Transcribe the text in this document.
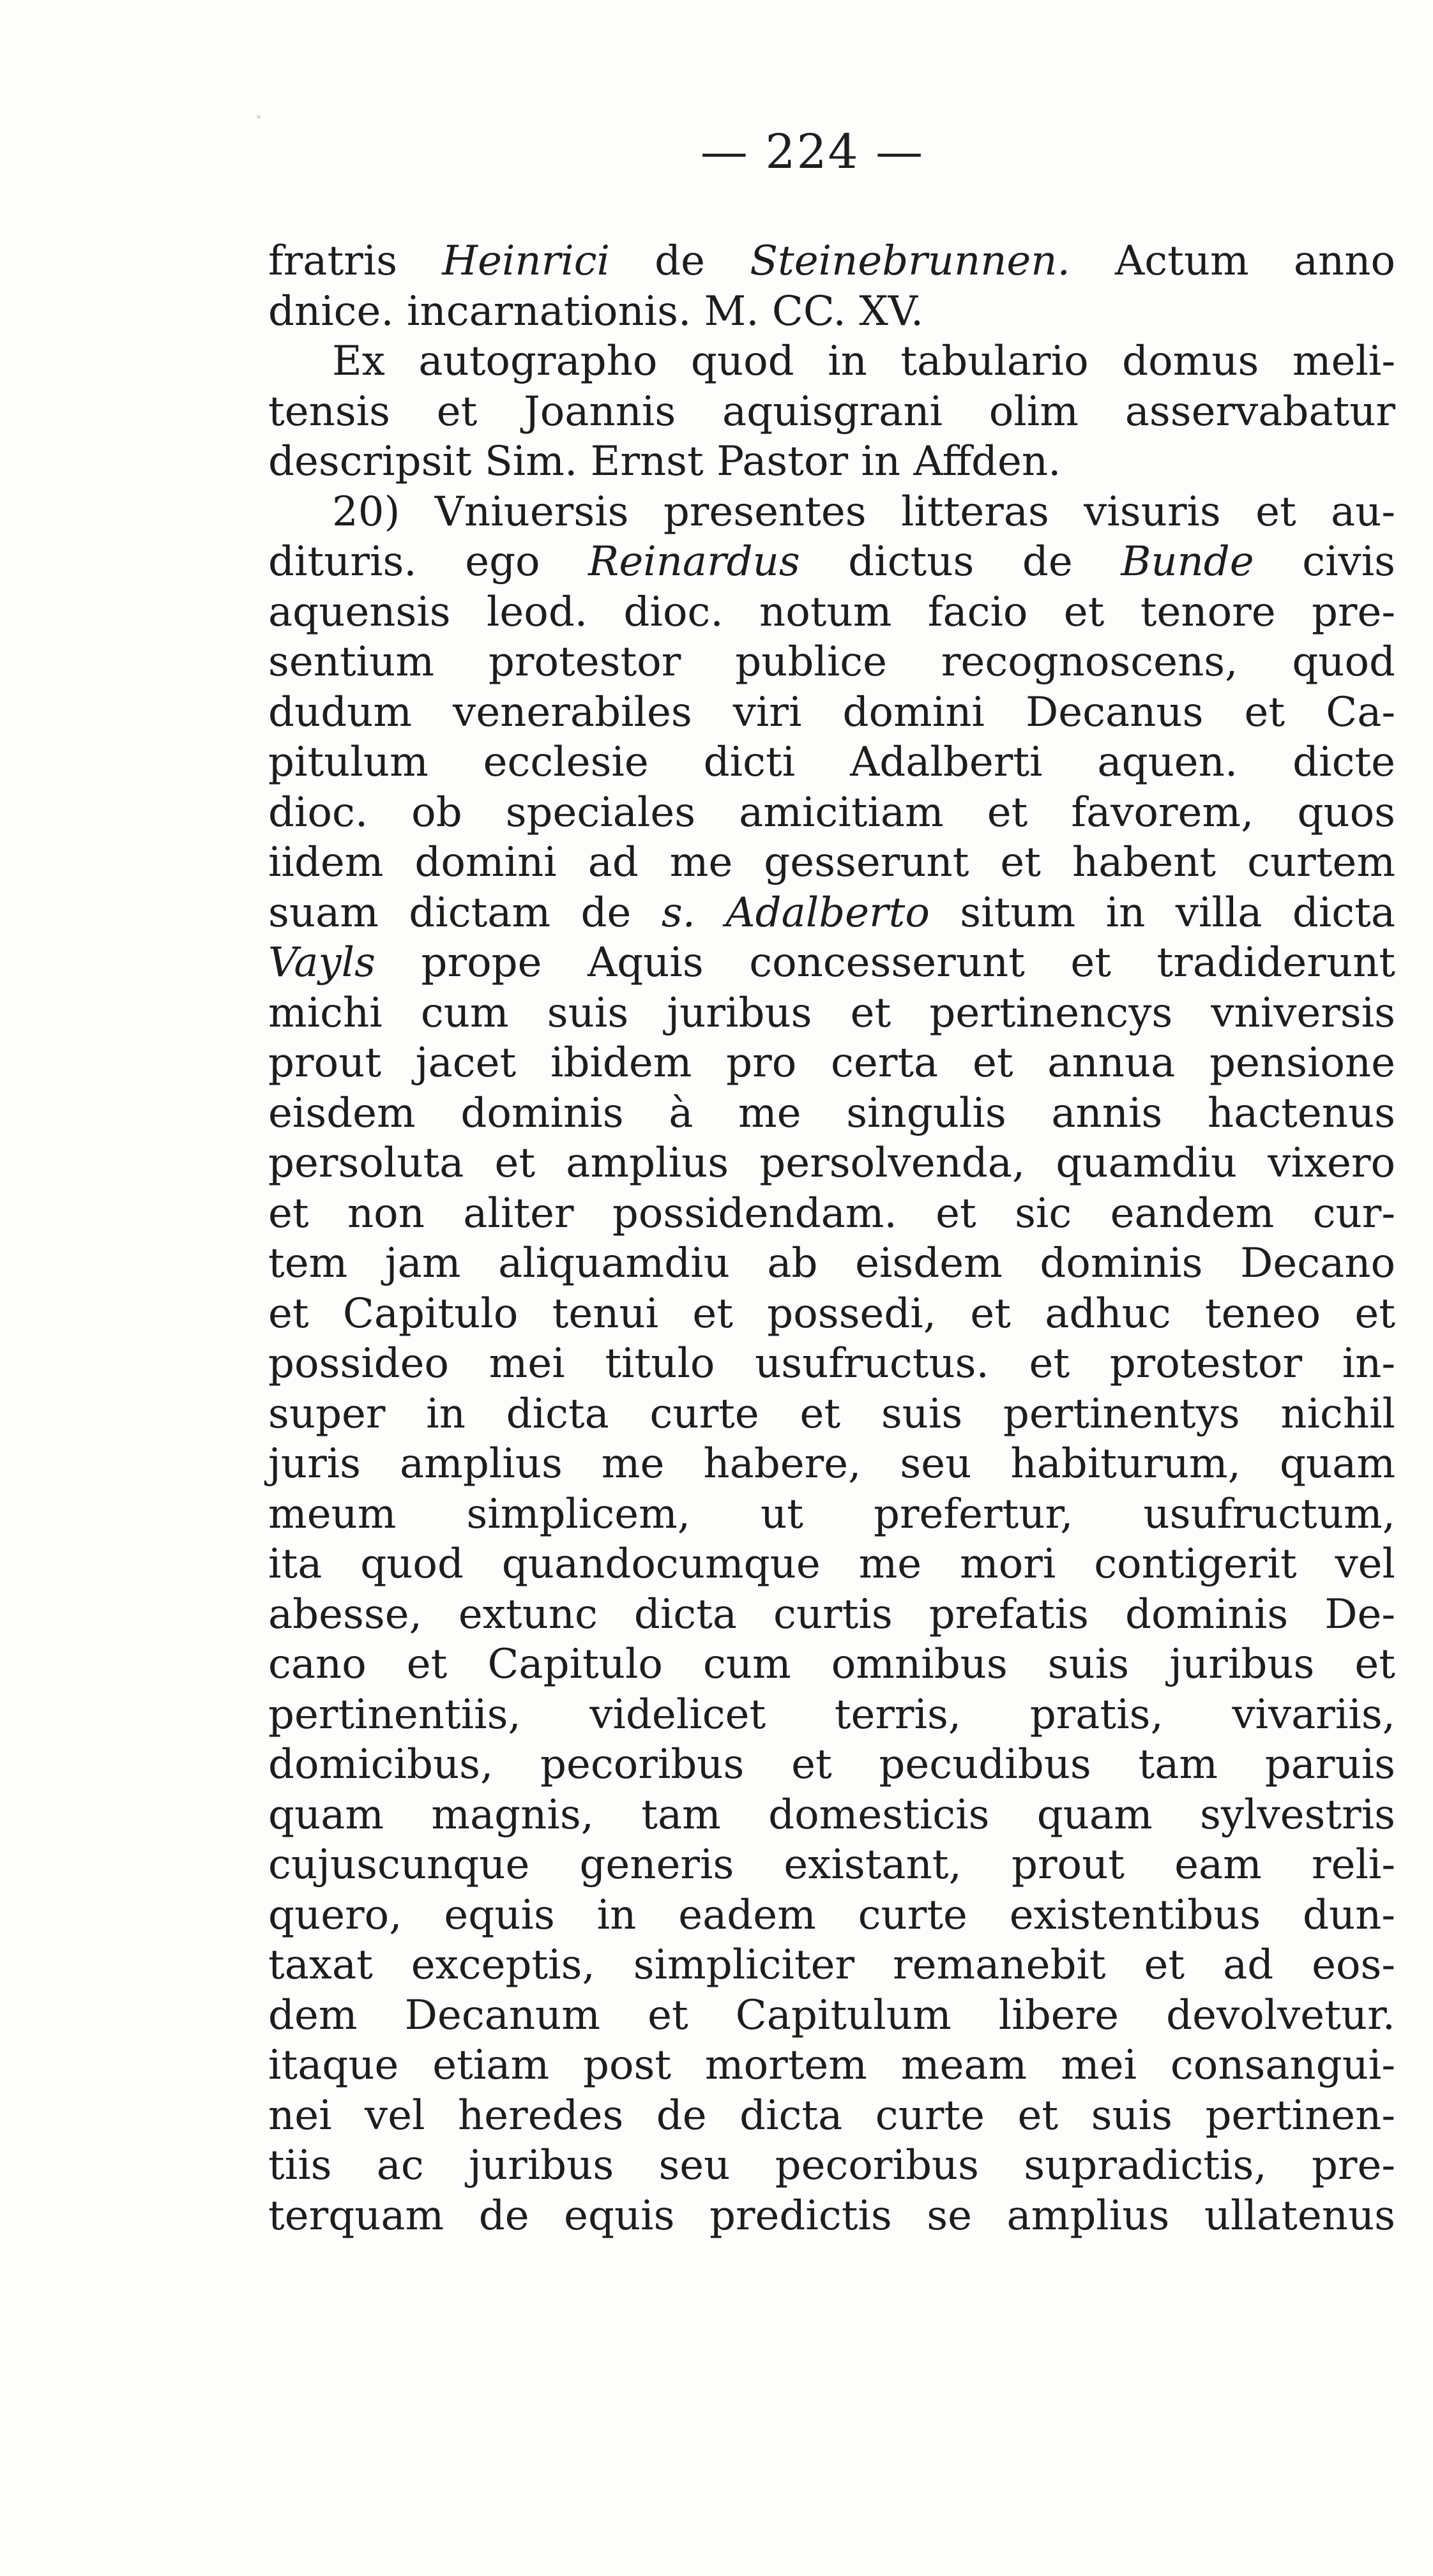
— 224 —
fratris Heinrici de Steinebrunnen. Actum anno
dnice. incarnationis. M. CC. XV.
Ex autographo quod in tabulario domus meli-
tensis et Joannis aquisgrani olim asservabatur
descripsit Sim. Ernst Pastor in Affden.
20) Vniuersis presentes litteras visuris et au-
dituris. ego Reinardus dictus de Bunde civis
aquensis leod. dioc. notum facio et tenore pre-
sentium protestor publice recognoscens, quod
dudum venerabiles viri domini Decanus et Ca-
pitulum ecclesie dicti Adalberti aquen. dicte
dioc. ob speciales amicitiam et favorem, quos
iidem domini ad me gesserunt et habent curtem
suam dictam de s. Adalberto situm in villa dicta
Vayls prope Aquis concesserunt et tradiderunt
michi cum suis juribus et pertinencys vniversis
prout jacet ibidem pro certa et annua pensione
eisdem dominis à me singulis annis hactenus
persoluta et amplius persolvenda, quamdiu vixero
et non aliter possidendam. et sic eandem cur-
tem jam aliquamdiu ab eisdem dominis Decano
et Capitulo tenui et possedi, et adhuc teneo et
possideo mei titulo usufructus. et protestor in-
super in dicta curte et suis pertinentys nichil
juris amplius me habere, seu habiturum, quam
meum simplicem, ut prefertur, usufructum,
ita quod quandocumque me mori contigerit vel
abesse, extunc dicta curtis prefatis dominis De-
cano et Capitulo cum omnibus suis juribus et
pertinentiis, videlicet terris, pratis, vivariis,
domicibus, pecoribus et pecudibus tam paruis
quam magnis, tam domesticis quam sylvestris
cujuscunque generis existant, prout eam reli-
quero, equis in eadem curte existentibus dun-
taxat exceptis, simpliciter remanebit et ad eos-
dem Decanum et Capitulum libere devolvetur.
itaque etiam post mortem meam mei consangui-
nei vel heredes de dicta curte et suis pertinen-
tiis ac juribus seu pecoribus supradictis, pre-
terquam de equis predictis se amplius ullatenus
